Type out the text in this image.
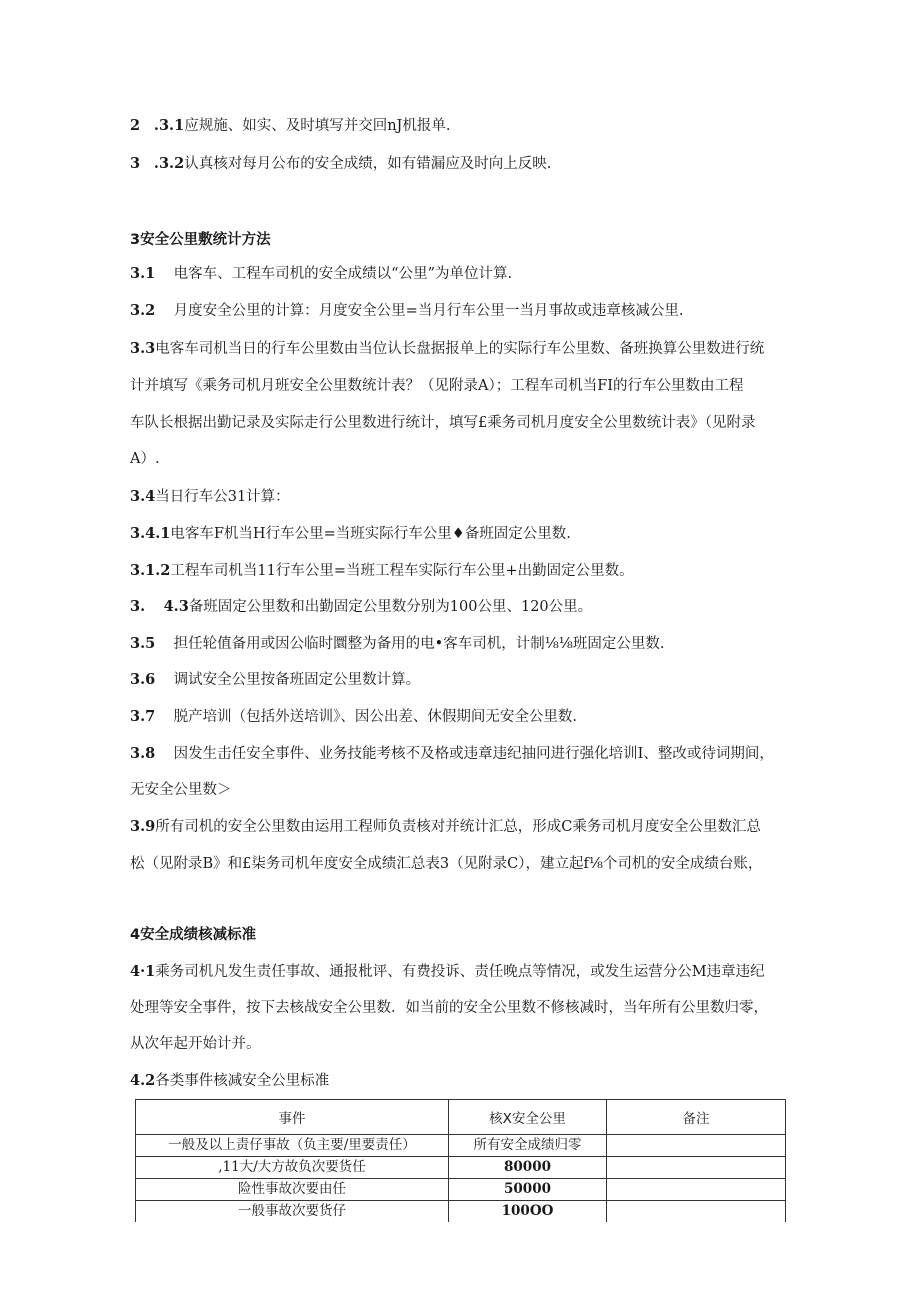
2 .3.1应规施、如实、及时填写并交回nJ机报单.
3 .3.2认真核对每月公布的安全成绩，如有错漏应及时向上反映.
3安全公里敷统计方法
3.1 电客车、工程车司机的安全成绩以“公里”为单位计算.
3.2 月度安全公里的计算：月度安全公里=当月行车公里一当月事故或违章核减公里.
3.3电客车司机当日的行车公里数由当位认长盘据报单上的实际行车公里数、备班换算公里数进行统
计并填写《乘务司机月班安全公里数统计表？（见附录A）；工程车司机当FI的行车公里数由工程
车队长根据出勤记录及实际走行公里数进行统计，填写£乘务司机月度安全公里数统计表》（见附录
A）.
3.4当日行车公31计算：
3.4.1电客车F机当H行车公里=当班实际行车公里♦备班固定公里数.
3.1.2工程车司机当11行车公里=当班工程车实际行车公里+出勤固定公里数。
3. 4.3备班固定公里数和出勤固定公里数分别为100公里、120公里。
3.5 担任轮值备用或因公临时圜整为备用的电•客车司机，计制⅛⅛班固定公里数.
3.6 调试安全公里按备班固定公里数计算。
3.7 脱产培训（包括外送培训》、因公出差、休假期间无安全公里数.
3.8 因发生击任安全事件、业务技能考核不及格或违章违纪抽冋进行强化培训I、整改或待词期间，
无安全公里数＞
3.9所有司机的安全公里数由运用工程师负责核对并统计汇总，形成C乘务司机月度安全公里数汇总
松（见附录B》和£柒务司机年度安全成绩汇总表3（见附录C），建立起f⅛个司机的安全成绩台账，
4安全成绩核减标准
4·1乘务司机凡发生责任事故、通报枇评、有费投诉、责任晚点等情况，或发生运营分公M违章违纪
处理等安全事件，按下去核战安全公里数．如当前的安全公里数不修核减时，当年所有公里数归零，
从次年起开始计并。
4.2各类事件核减安全公里标准
事件	核X安全公里	备注
一般及以上责仔事故（负主要/里要责任）	所有安全成绩归零	
,11大/大方故负次要货任	80000	
险性事故次要由任	50000	
一般事故次要货仔	100OO	
